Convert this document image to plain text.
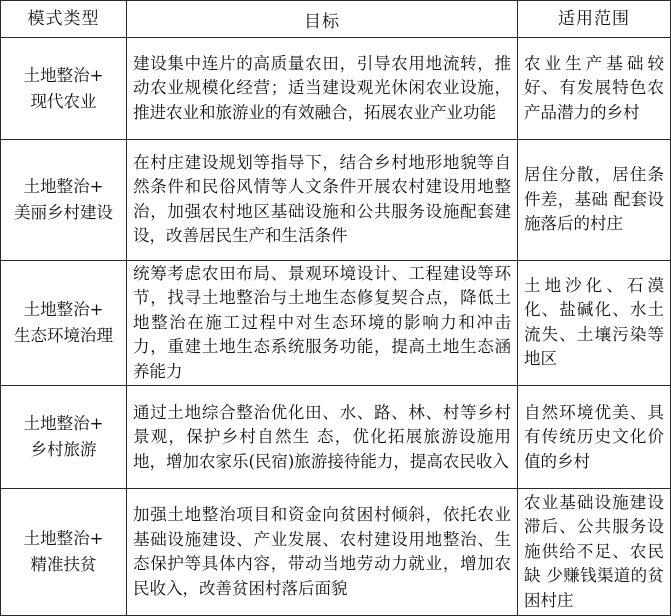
模式类型	目标	适用范围

土地整治+
现代农业	建设集中连片的高质量农田，引导农用地流转，推动农业规模化经营；适当建设观光休闲农业设施，推进农业和旅游业的有效融合，拓展农业产业功能	农业生产基础较好、有发展特色农产品潜力的乡村

土地整治+
美丽乡村建设	在村庄建设规划等指导下，结合乡村地形地貌等自然条件和民俗风情等人文条件开展农村建设用地整治，加强农村地区基础设施和公共服务设施配套建设，改善居民生产和生活条件	居住分散，居住条件差，基础 配套设施落后的村庄

土地整治+
生态环境治理	统筹考虑农田布局、景观环境设计、工程建设等环节，找寻土地整治与土地生态修复契合点，降低土地整治在施工过程中对生态环境的影响力和冲击力，重建土地生态系统服务功能，提高土地生态涵养能力	土地沙化、石漠化、盐碱化、水土流失、土壤污染等地区

土地整治+
乡村旅游	通过土地综合整治优化田、水、路、林、村等乡村景观，保护乡村自然生 态，优化拓展旅游设施用地，增加农家乐(民宿)旅游接待能力，提高农民收入	自然环境优美、具有传统历史文化价值的乡村

土地整治+
精准扶贫	加强土地整治项目和资金向贫困村倾斜，依托农业基础设施建设、产业发展、农村建设用地整治、生态保护等具体内容，带动当地劳动力就业，增加农民收入，改善贫困村落后面貌	农业基础设施建设滞后、公共服务设施供给不足、农民缺 少赚钱渠道的贫困村庄
